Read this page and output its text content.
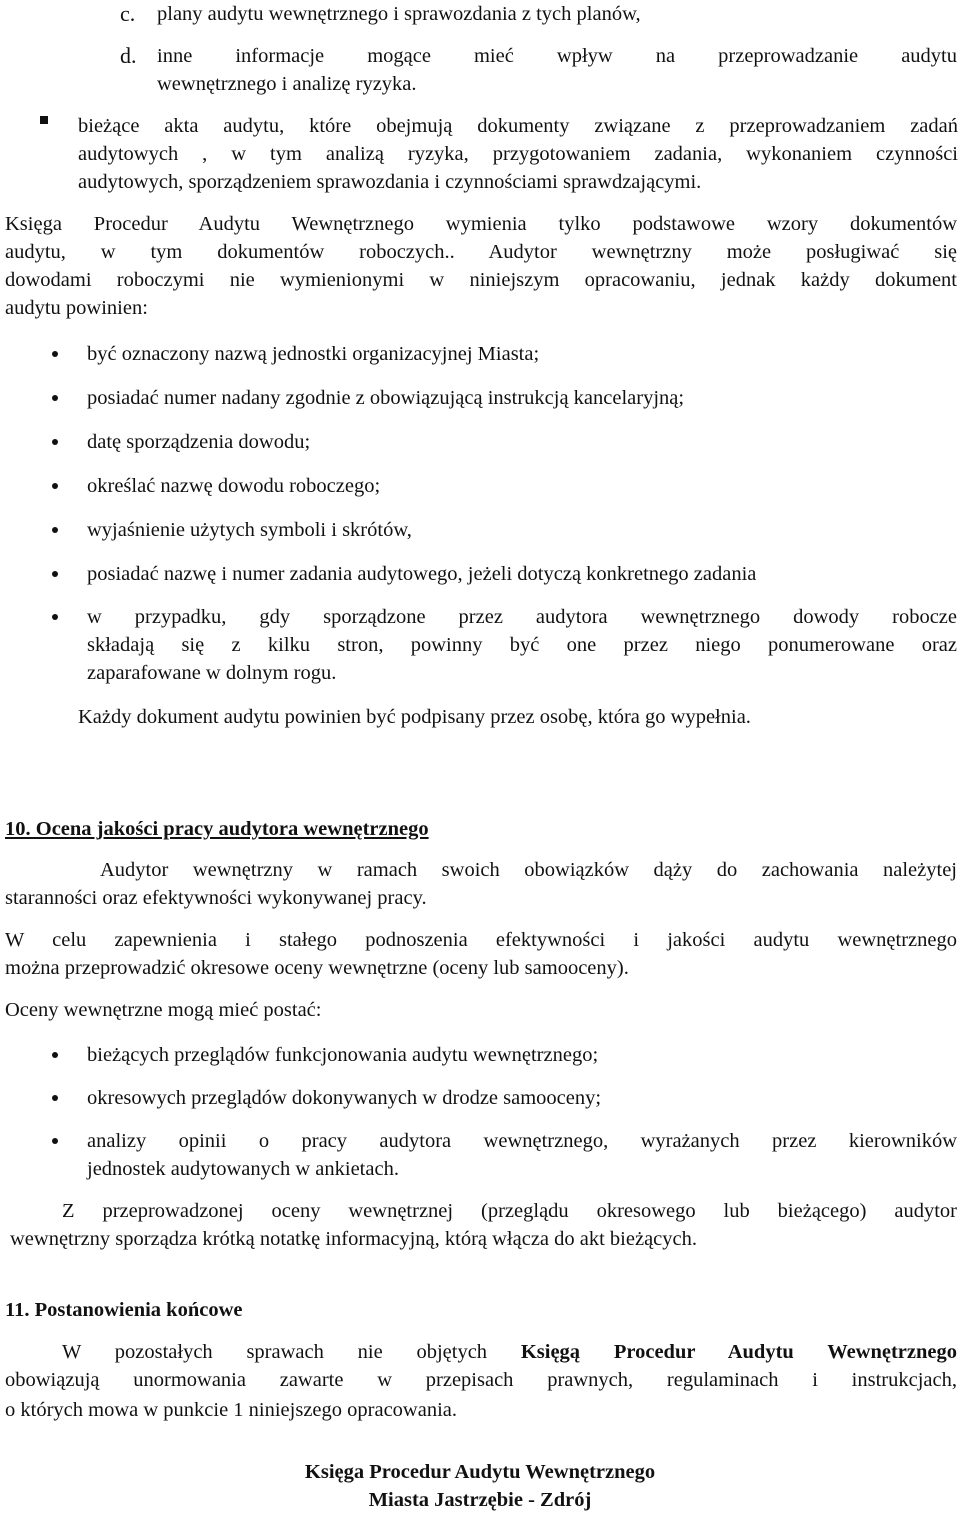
c. plany audytu wewnętrznego i sprawozdania z tych planów,

d. inne informacje mogące mieć wpływ na przeprowadzanie audytu

wewnętrznego i analizę ryzyka.

bieżące akta audytu, które obejmują dokumenty związane z przeprowadzaniem zadań

audytowych , w tym analizą ryzyka, przygotowaniem zadania, wykonaniem czynności

audytowych, sporządzeniem sprawozdania i czynnościami sprawdzającymi.

Księga Procedur Audytu Wewnętrznego wymienia tylko podstawowe wzory dokumentów

audytu, w tym dokumentów roboczych.. Audytor wewnętrzny może posługiwać się

dowodami roboczymi nie wymienionymi w niniejszym opracowaniu, jednak każdy dokument

audytu powinien:

być oznaczony nazwą jednostki organizacyjnej Miasta;

posiadać numer nadany zgodnie z obowiązującą instrukcją kancelaryjną;

datę sporządzenia dowodu;

określać nazwę dowodu roboczego;

wyjaśnienie użytych symboli i skrótów,

posiadać nazwę i numer zadania audytowego, jeżeli dotyczą konkretnego zadania

w przypadku, gdy sporządzone przez audytora wewnętrznego dowody robocze

składają się z kilku stron, powinny być one przez niego ponumerowane oraz

zaparafowane w dolnym rogu.

Każdy dokument audytu powinien być podpisany przez osobę, która go wypełnia.

10. Ocena jakości pracy audytora wewnętrznego

Audytor wewnętrzny w ramach swoich obowiązków dąży do zachowania należytej

staranności oraz efektywności wykonywanej pracy.

W celu zapewnienia i stałego podnoszenia efektywności i jakości audytu wewnętrznego

można przeprowadzić okresowe oceny wewnętrzne (oceny lub samooceny).

Oceny wewnętrzne mogą mieć postać:

bieżących przeglądów funkcjonowania audytu wewnętrznego;

okresowych przeglądów dokonywanych w drodze samooceny;

analizy opinii o pracy audytora wewnętrznego, wyrażanych przez kierowników

jednostek audytowanych w ankietach.

Z przeprowadzonej oceny wewnętrznej (przeglądu okresowego lub bieżącego) audytor

wewnętrzny sporządza krótką notatkę informacyjną, którą włącza do akt bieżących.

11. Postanowienia końcowe

W pozostałych sprawach nie objętych Księgą Procedur Audytu Wewnętrznego

obowiązują unormowania zawarte w przepisach prawnych, regulaminach i instrukcjach,

o których mowa w punkcie 1 niniejszego opracowania.

Księga Procedur Audytu Wewnętrznego

Miasta Jastrzębie - Zdrój
